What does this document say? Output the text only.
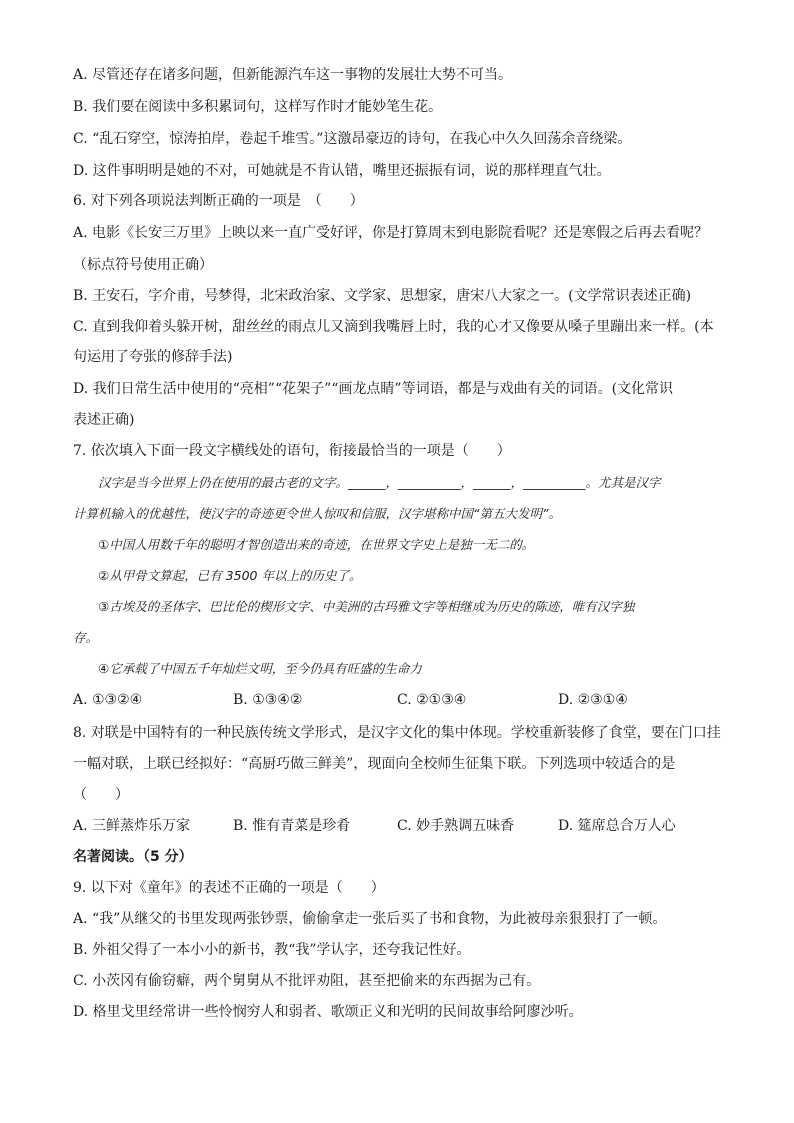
A. 尽管还存在诸多问题，但新能源汽车这一事物的发展壮大势不可当。
B. 我们要在阅读中多积累词句，这样写作时才能妙笔生花。
C. “乱石穿空，惊涛拍岸，卷起千堆雪。”这激昂豪迈的诗句，在我心中久久回荡余音绕梁。
D. 这件事明明是她的不对，可她就是不肯认错，嘴里还振振有词，说的那样理直气壮。
6. 对下列各项说法判断正确的一项是　（　　）
A. 电影《长安三万里》上映以来一直广受好评，你是打算周末到电影院看呢？还是寒假之后再去看呢？
（标点符号使用正确）
B. 王安石，字介甫，号梦得，北宋政治家、文学家、思想家，唐宋八大家之一。(文学常识表述正确)
C. 直到我仰着头躲开树，甜丝丝的雨点儿又滴到我嘴唇上时，我的心才又像要从嗓子里蹦出来一样。(本
句运用了夸张的修辞手法)
D. 我们日常生活中使用的“亮相”“花架子”“画龙点睛”等词语，都是与戏曲有关的词语。(文化常识
表述正确)
7. 依次填入下面一段文字横线处的语句，衔接最恰当的一项是（　　）
　　汉字是当今世界上仍在使用的最古老的文字。______，__________，______，__________。尤其是汉字
计算机输入的优越性，使汉字的奇迹更令世人惊叹和信服，汉字堪称中国“第五大发明”。
　　①中国人用数千年的聪明才智创造出来的奇迹，在世界文字史上是独一无二的。
　　②从甲骨文算起，已有 3500 年以上的历史了。
　　③古埃及的圣体字、巴比伦的楔形文字、中美洲的古玛雅文字等相继成为历史的陈迹，唯有汉字独
存。
　　④它承载了中国五千年灿烂文明，至今仍具有旺盛的生命力
A. ①③②④	B. ①③④②	C. ②①③④	D. ②③①④
8. 对联是中国特有的一种民族传统文学形式，是汉字文化的集中体现。学校重新装修了食堂，要在门口挂
一幅对联，上联已经拟好：“高厨巧做三鲜美”，现面向全校师生征集下联。下列选项中较适合的是
（　　）
A. 三鲜蒸炸乐万家	B. 惟有青菜是珍肴	C. 妙手熟调五味香	D. 筵席总合万人心
名著阅读。（5 分）
9. 以下对《童年》的表述不正确的一项是（　　）
A. “我”从继父的书里发现两张钞票，偷偷拿走一张后买了书和食物，为此被母亲狠狠打了一顿。
B. 外祖父得了一本小小的新书，教“我”学认字，还夸我记性好。
C. 小茨冈有偷窃癖，两个舅舅从不批评劝阻，甚至把偷来的东西据为己有。
D. 格里戈里经常讲一些怜悯穷人和弱者、歌颂正义和光明的民间故事给阿廖沙听。
